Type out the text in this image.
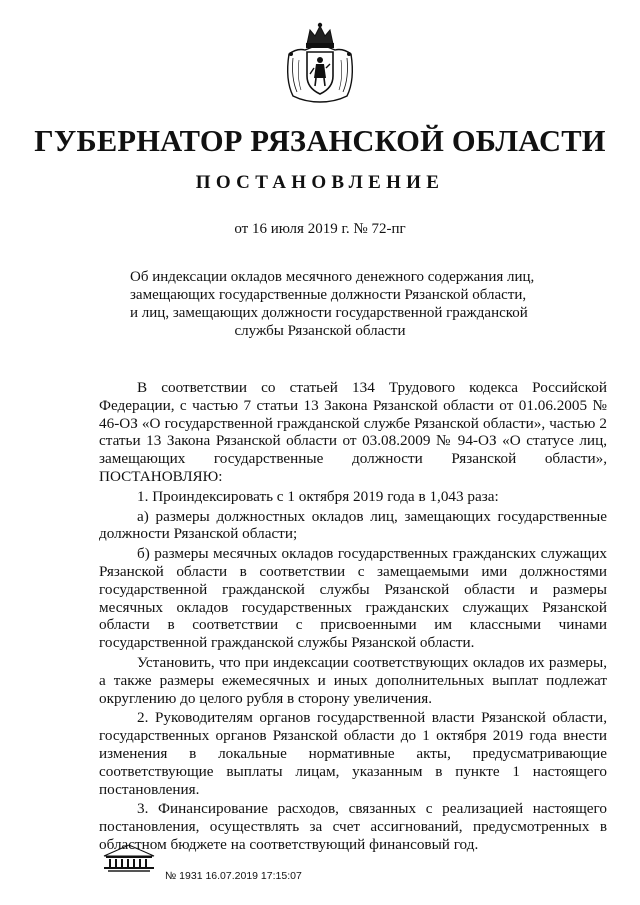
ГУБЕРНАТОР РЯЗАНСКОЙ ОБЛАСТИ
ПОСТАНОВЛЕНИЕ
от 16 июля 2019 г. № 72-пг
Об индексации окладов месячного денежного содержания лиц,
замещающих государственные должности Рязанской области,
и лиц, замещающих должности государственной гражданской
службы Рязанской области

В соответствии со статьей 134 Трудового кодекса Российской Федерации, с частью 7 статьи 13 Закона Рязанской области от 01.06.2005 № 46-ОЗ «О государственной гражданской службе Рязанской области», частью 2 статьи 13 Закона Рязанской области от 03.08.2009 № 94-ОЗ «О статусе лиц, замещающих государственные должности Рязанской области», ПОСТАНОВЛЯЮ:

1. Проиндексировать с 1 октября 2019 года в 1,043 раза:

а) размеры должностных окладов лиц, замещающих государственные должности Рязанской области;

б) размеры месячных окладов государственных гражданских служащих Рязанской области в соответствии с замещаемыми ими должностями государственной гражданской службы Рязанской области и размеры месячных окладов государственных гражданских служащих Рязанской области в соответствии с присвоенными им классными чинами государственной гражданской службы Рязанской области.

Установить, что при индексации соответствующих окладов их размеры, а также размеры ежемесячных и иных дополнительных выплат подлежат округлению до целого рубля в сторону увеличения.

2. Руководителям органов государственной власти Рязанской области, государственных органов Рязанской области до 1 октября 2019 года внести изменения в локальные нормативные акты, предусматривающие соответствующие выплаты лицам, указанным в пункте 1 настоящего постановления.

3. Финансирование расходов, связанных с реализацией настоящего постановления, осуществлять за счет ассигнований, предусмотренных в областном бюджете на соответствующий финансовый год.

№ 1931 16.07.2019 17:15:07
